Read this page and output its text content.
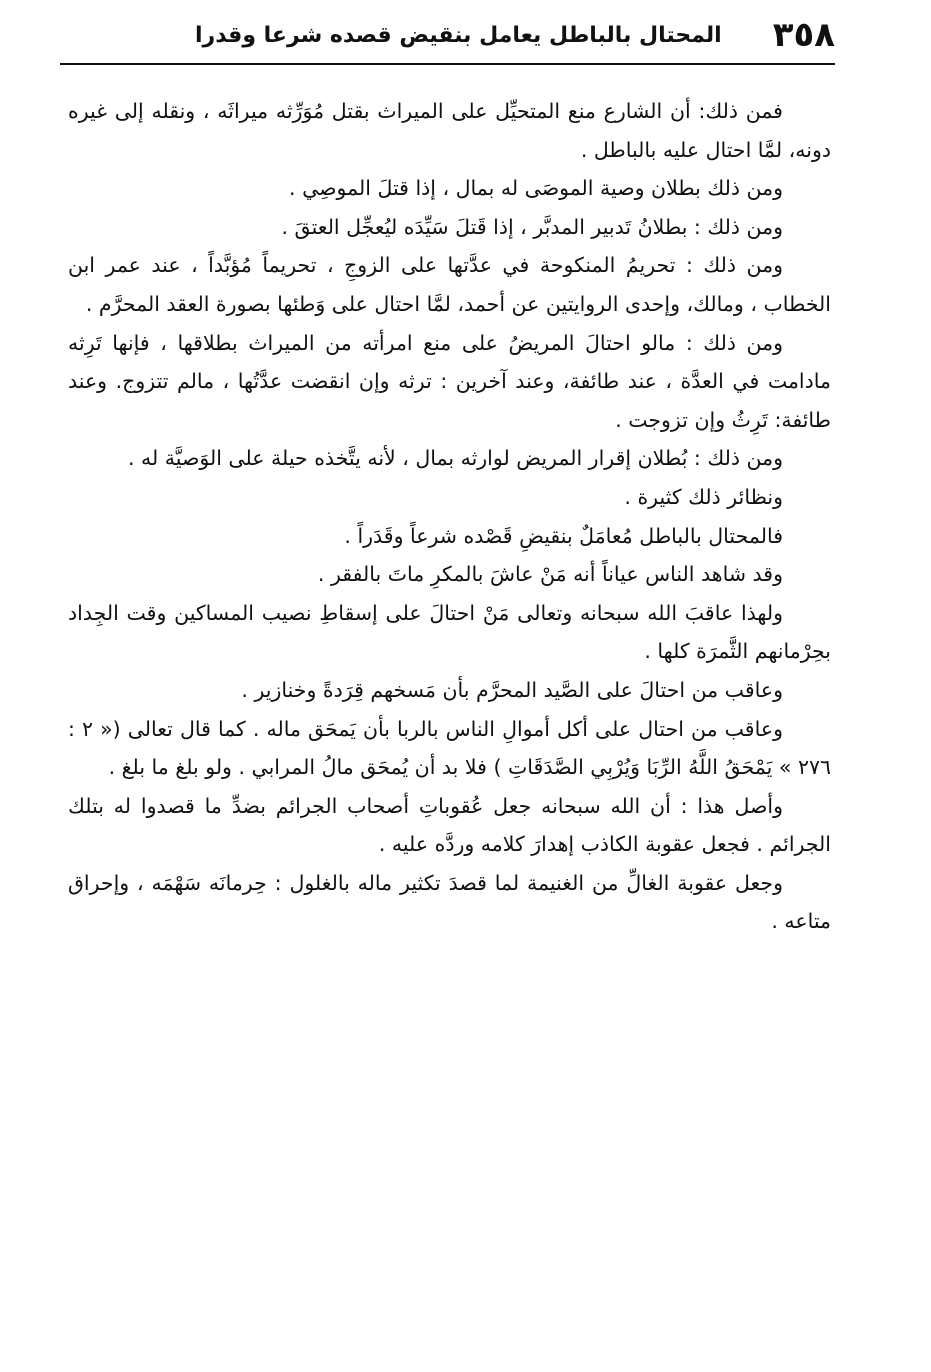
٣٥٨
المحتال بالباطل يعامل بنقيض قصده شرعا وقدرا

فمن ذلك: أن الشارع منع المتحيِّل على الميراث بقتل مُوَرِّثه ميراثَه ، ونقله إلى غيره دونه، لمَّا احتال عليه بالباطل .

ومن ذلك بطلان وصية الموصَى له بمال ، إذا قتلَ الموصِي .

ومن ذلك : بطلانُ تَدبير المدبَّر ، إذا قَتلَ سَيِّدَه ليُعجِّل العتقَ .

ومن ذلك : تحريمُ المنكوحة في عدَّتها على الزوجِ ، تحريماً مُؤبَّداً ، عند عمر ابن الخطاب ، ومالك، وإحدى الروايتين عن أحمد، لمَّا احتال على وَطئها بصورة العقد المحرَّم .

ومن ذلك : مالو احتالَ المريضُ على منع امرأته من الميراث بطلاقها ، فإنها تَرِثه مادامت في العدَّة ، عند طائفة، وعند آخرين : ترثه وإن انقضت عدَّتُها ، مالم تتزوج. وعند طائفة: تَرِثُ وإن تزوجت .

ومن ذلك : بُطلان إقرار المريض لوارثه بمال ، لأنه يتَّخذه حيلة على الوَصيَّة له .

ونظائر ذلك كثيرة .

فالمحتال بالباطل مُعامَلٌ بنقيضِ قَصْده شرعاً وقَدَراً .

وقد شاهد الناس عياناً أنه مَنْ عاشَ بالمكرِ ماتَ بالفقر .

ولهذا عاقبَ الله سبحانه وتعالى مَنْ احتالَ على إسقاطِ نصيب المساكين وقت الجِداد بحِرْمانهم الثَّمرَة كلها .

وعاقب من احتالَ على الصَّيد المحرَّم بأن مَسخهم قِرَدةً وخنازير .

وعاقب من احتال على أكل أموالِ الناس بالربا بأن يَمحَق ماله . كما قال تعالى (« ٢ : ٢٧٦ » يَمْحَقُ اللَّهُ الرِّبَا وَيُرْبِي الصَّدَقَاتِ ) فلا بد أن يُمحَق مالُ المرابي . ولو بلغ ما بلغ .

وأصل هذا : أن الله سبحانه جعل عُقوباتِ أصحاب الجرائم بضدِّ ما قصدوا له بتلك الجرائم . فجعل عقوبة الكاذب إهدارَ كلامه وردَّه عليه .

وجعل عقوبة الغالِّ من الغنيمة لما قصدَ تكثير ماله بالغلول : حِرمانَه سَهْمَه ، وإحراق متاعه .
